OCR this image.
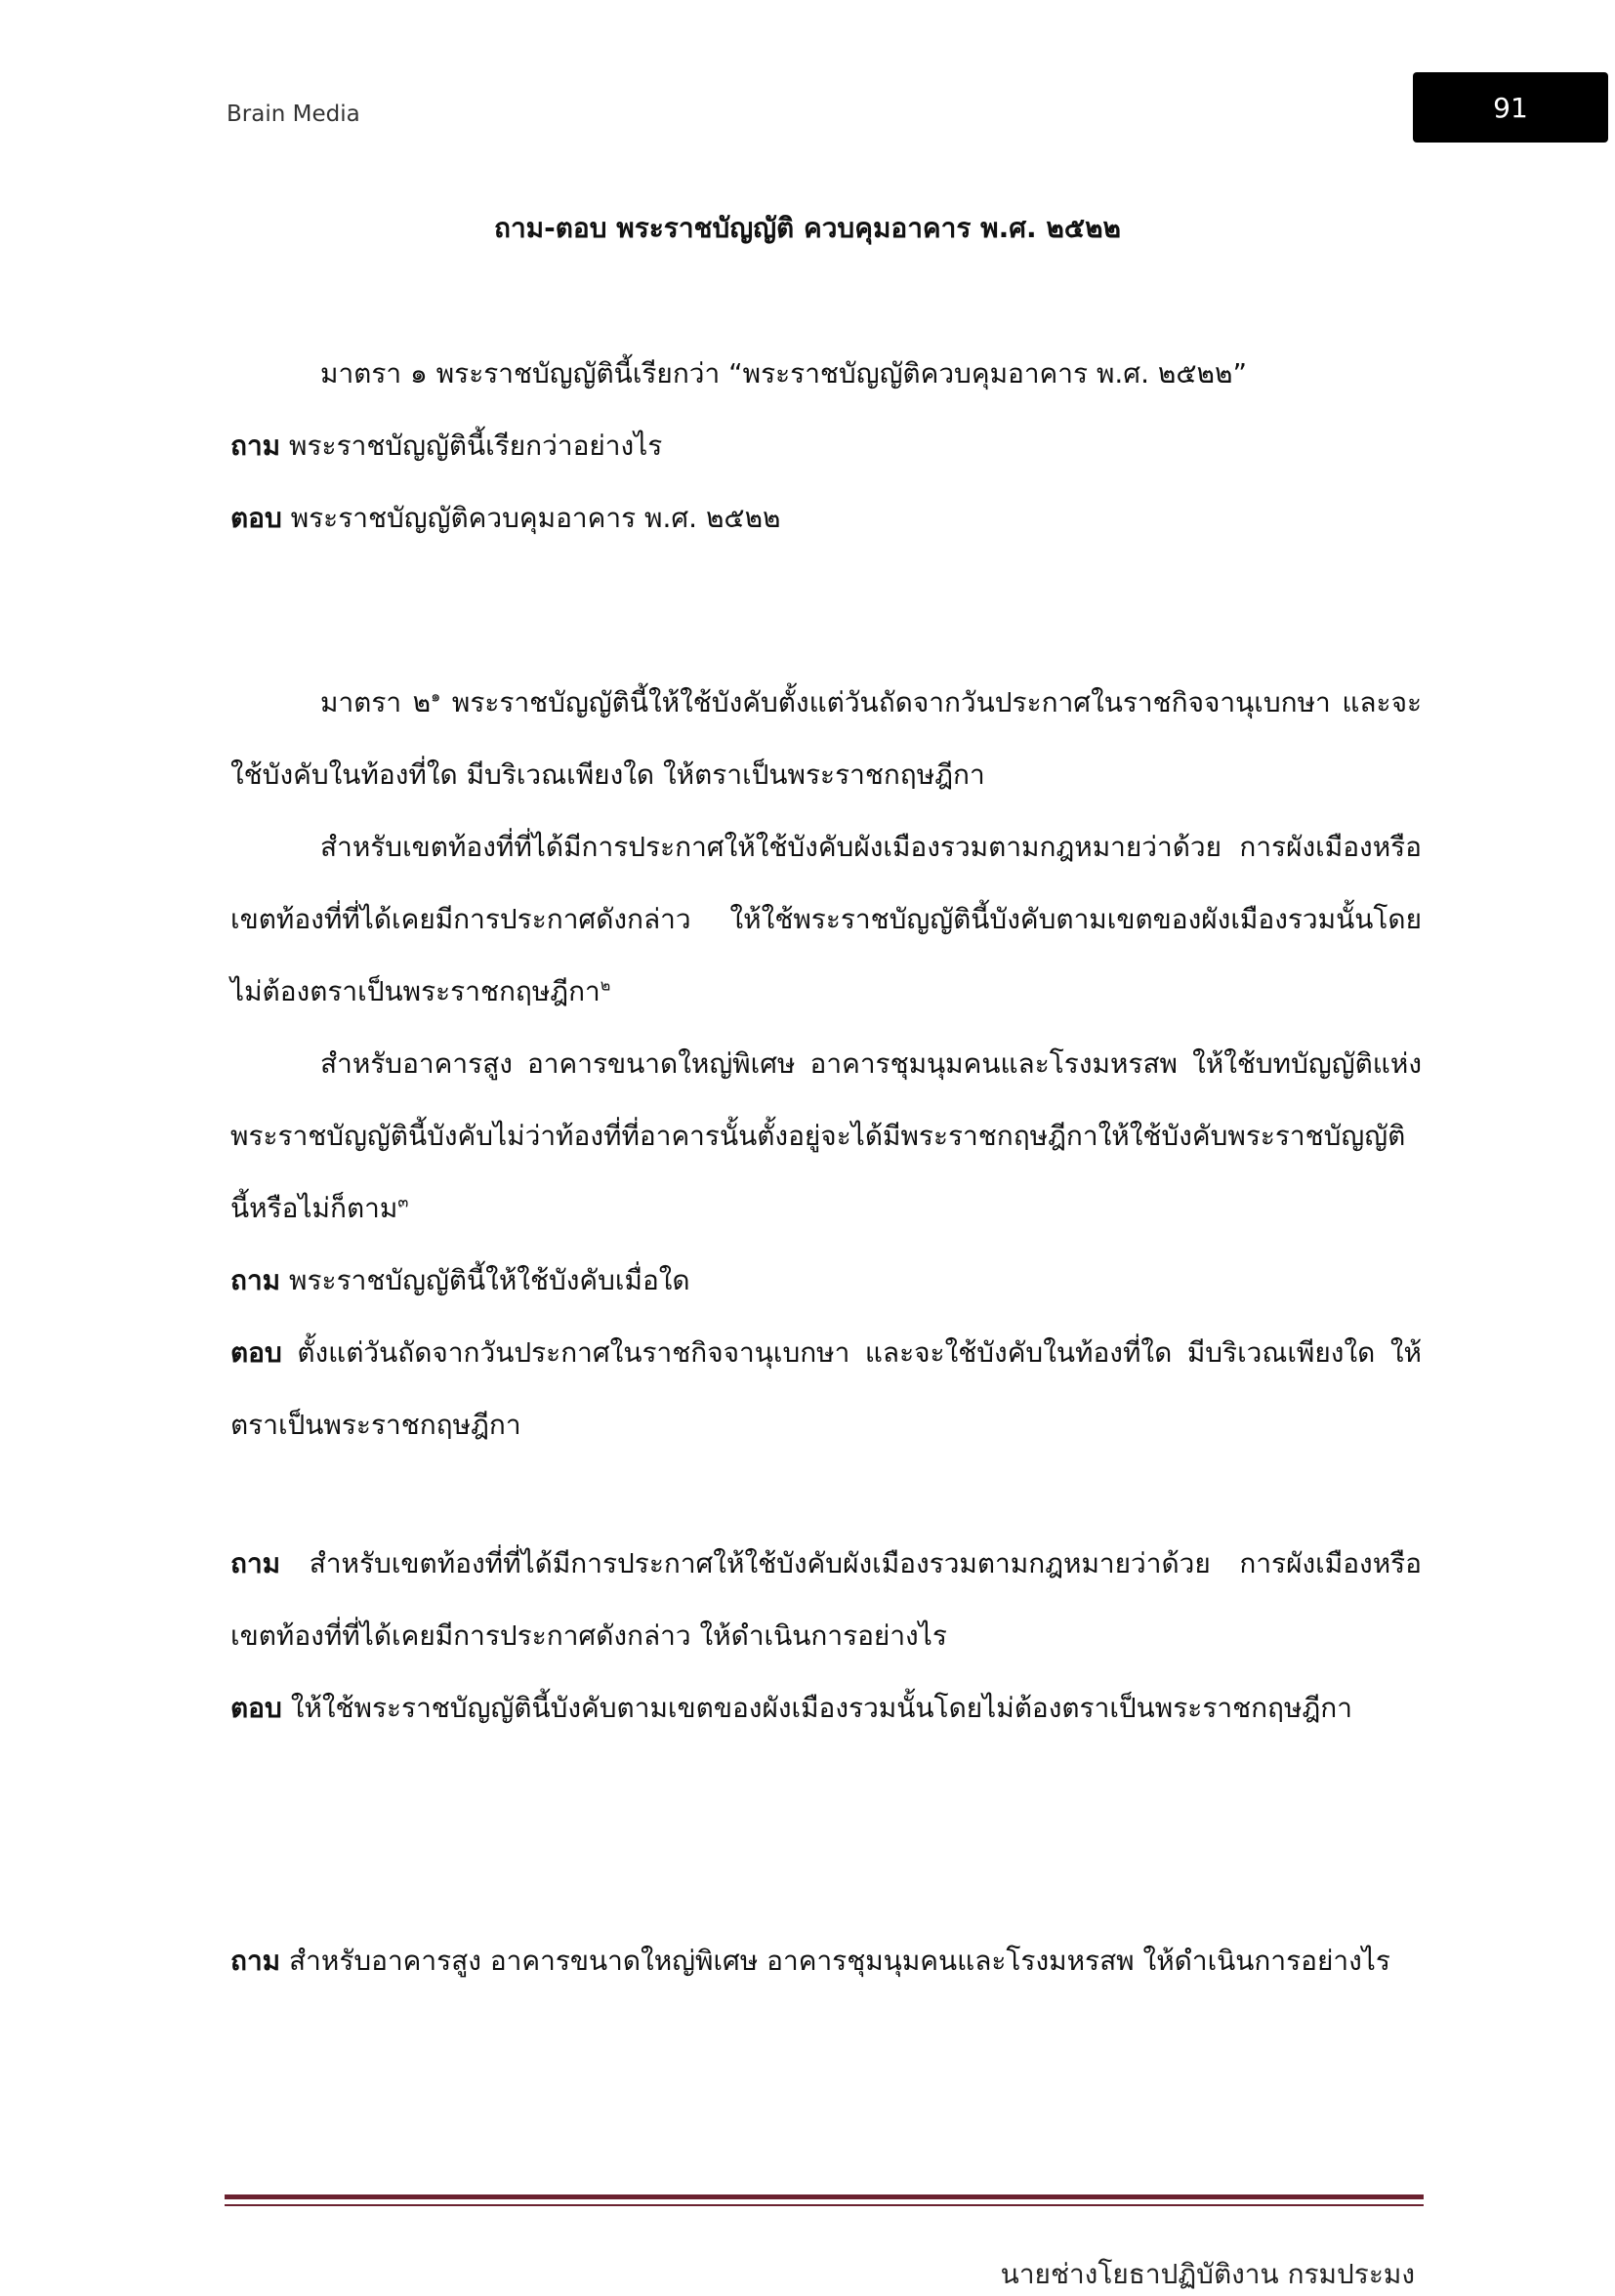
Brain Media	91
ถาม-ตอบ พระราชบัญญัติ ควบคุมอาคาร พ.ศ. ๒๕๒๒

มาตรา ๑ พระราชบัญญัตินี้เรียกว่า “พระราชบัญญัติควบคุมอาคาร พ.ศ. ๒๕๒๒”

ถาม พระราชบัญญัตินี้เรียกว่าอย่างไร

ตอบ พระราชบัญญัติควบคุมอาคาร พ.ศ. ๒๕๒๒

มาตรา ๒$^๑$ พระราชบัญญัตินี้ให้ใช้บังคับตั้งแต่วันถัดจากวันประกาศในราชกิจจานุเบกษา และจะใช้บังคับในท้องที่ใด มีบริเวณเพียงใด ให้ตราเป็นพระราชกฤษฎีกา

สำหรับเขตท้องที่ที่ได้มีการประกาศให้ใช้บังคับผังเมืองรวมตามกฎหมายว่าด้วย การผังเมืองหรือเขตท้องที่ที่ได้เคยมีการประกาศดังกล่าว ให้ใช้พระราชบัญญัตินี้บังคับตามเขตของผังเมืองรวมนั้นโดยไม่ต้องตราเป็นพระราชกฤษฎีกา$^๒$

สำหรับอาคารสูง อาคารขนาดใหญ่พิเศษ อาคารชุมนุมคนและโรงมหรสพ ให้ใช้บทบัญญัติแห่งพระราชบัญญัตินี้บังคับไม่ว่าท้องที่ที่อาคารนั้นตั้งอยู่จะได้มีพระราชกฤษฎีกาให้ใช้บังคับพระราชบัญญัตินี้หรือไม่ก็ตาม$^๓$

ถาม พระราชบัญญัตินี้ให้ใช้บังคับเมื่อใด

ตอบ ตั้งแต่วันถัดจากวันประกาศในราชกิจจานุเบกษา และจะใช้บังคับในท้องที่ใด มีบริเวณเพียงใด ให้ตราเป็นพระราชกฤษฎีกา

ถาม สำหรับเขตท้องที่ที่ได้มีการประกาศให้ใช้บังคับผังเมืองรวมตามกฎหมายว่าด้วย การผังเมืองหรือเขตท้องที่ที่ได้เคยมีการประกาศดังกล่าว ให้ดำเนินการอย่างไร

ตอบ ให้ใช้พระราชบัญญัตินี้บังคับตามเขตของผังเมืองรวมนั้นโดยไม่ต้องตราเป็นพระราชกฤษฎีกา

ถาม สำหรับอาคารสูง อาคารขนาดใหญ่พิเศษ อาคารชุมนุมคนและโรงมหรสพ ให้ดำเนินการอย่างไร

นายช่างโยธาปฏิบัติงาน กรมประมง
